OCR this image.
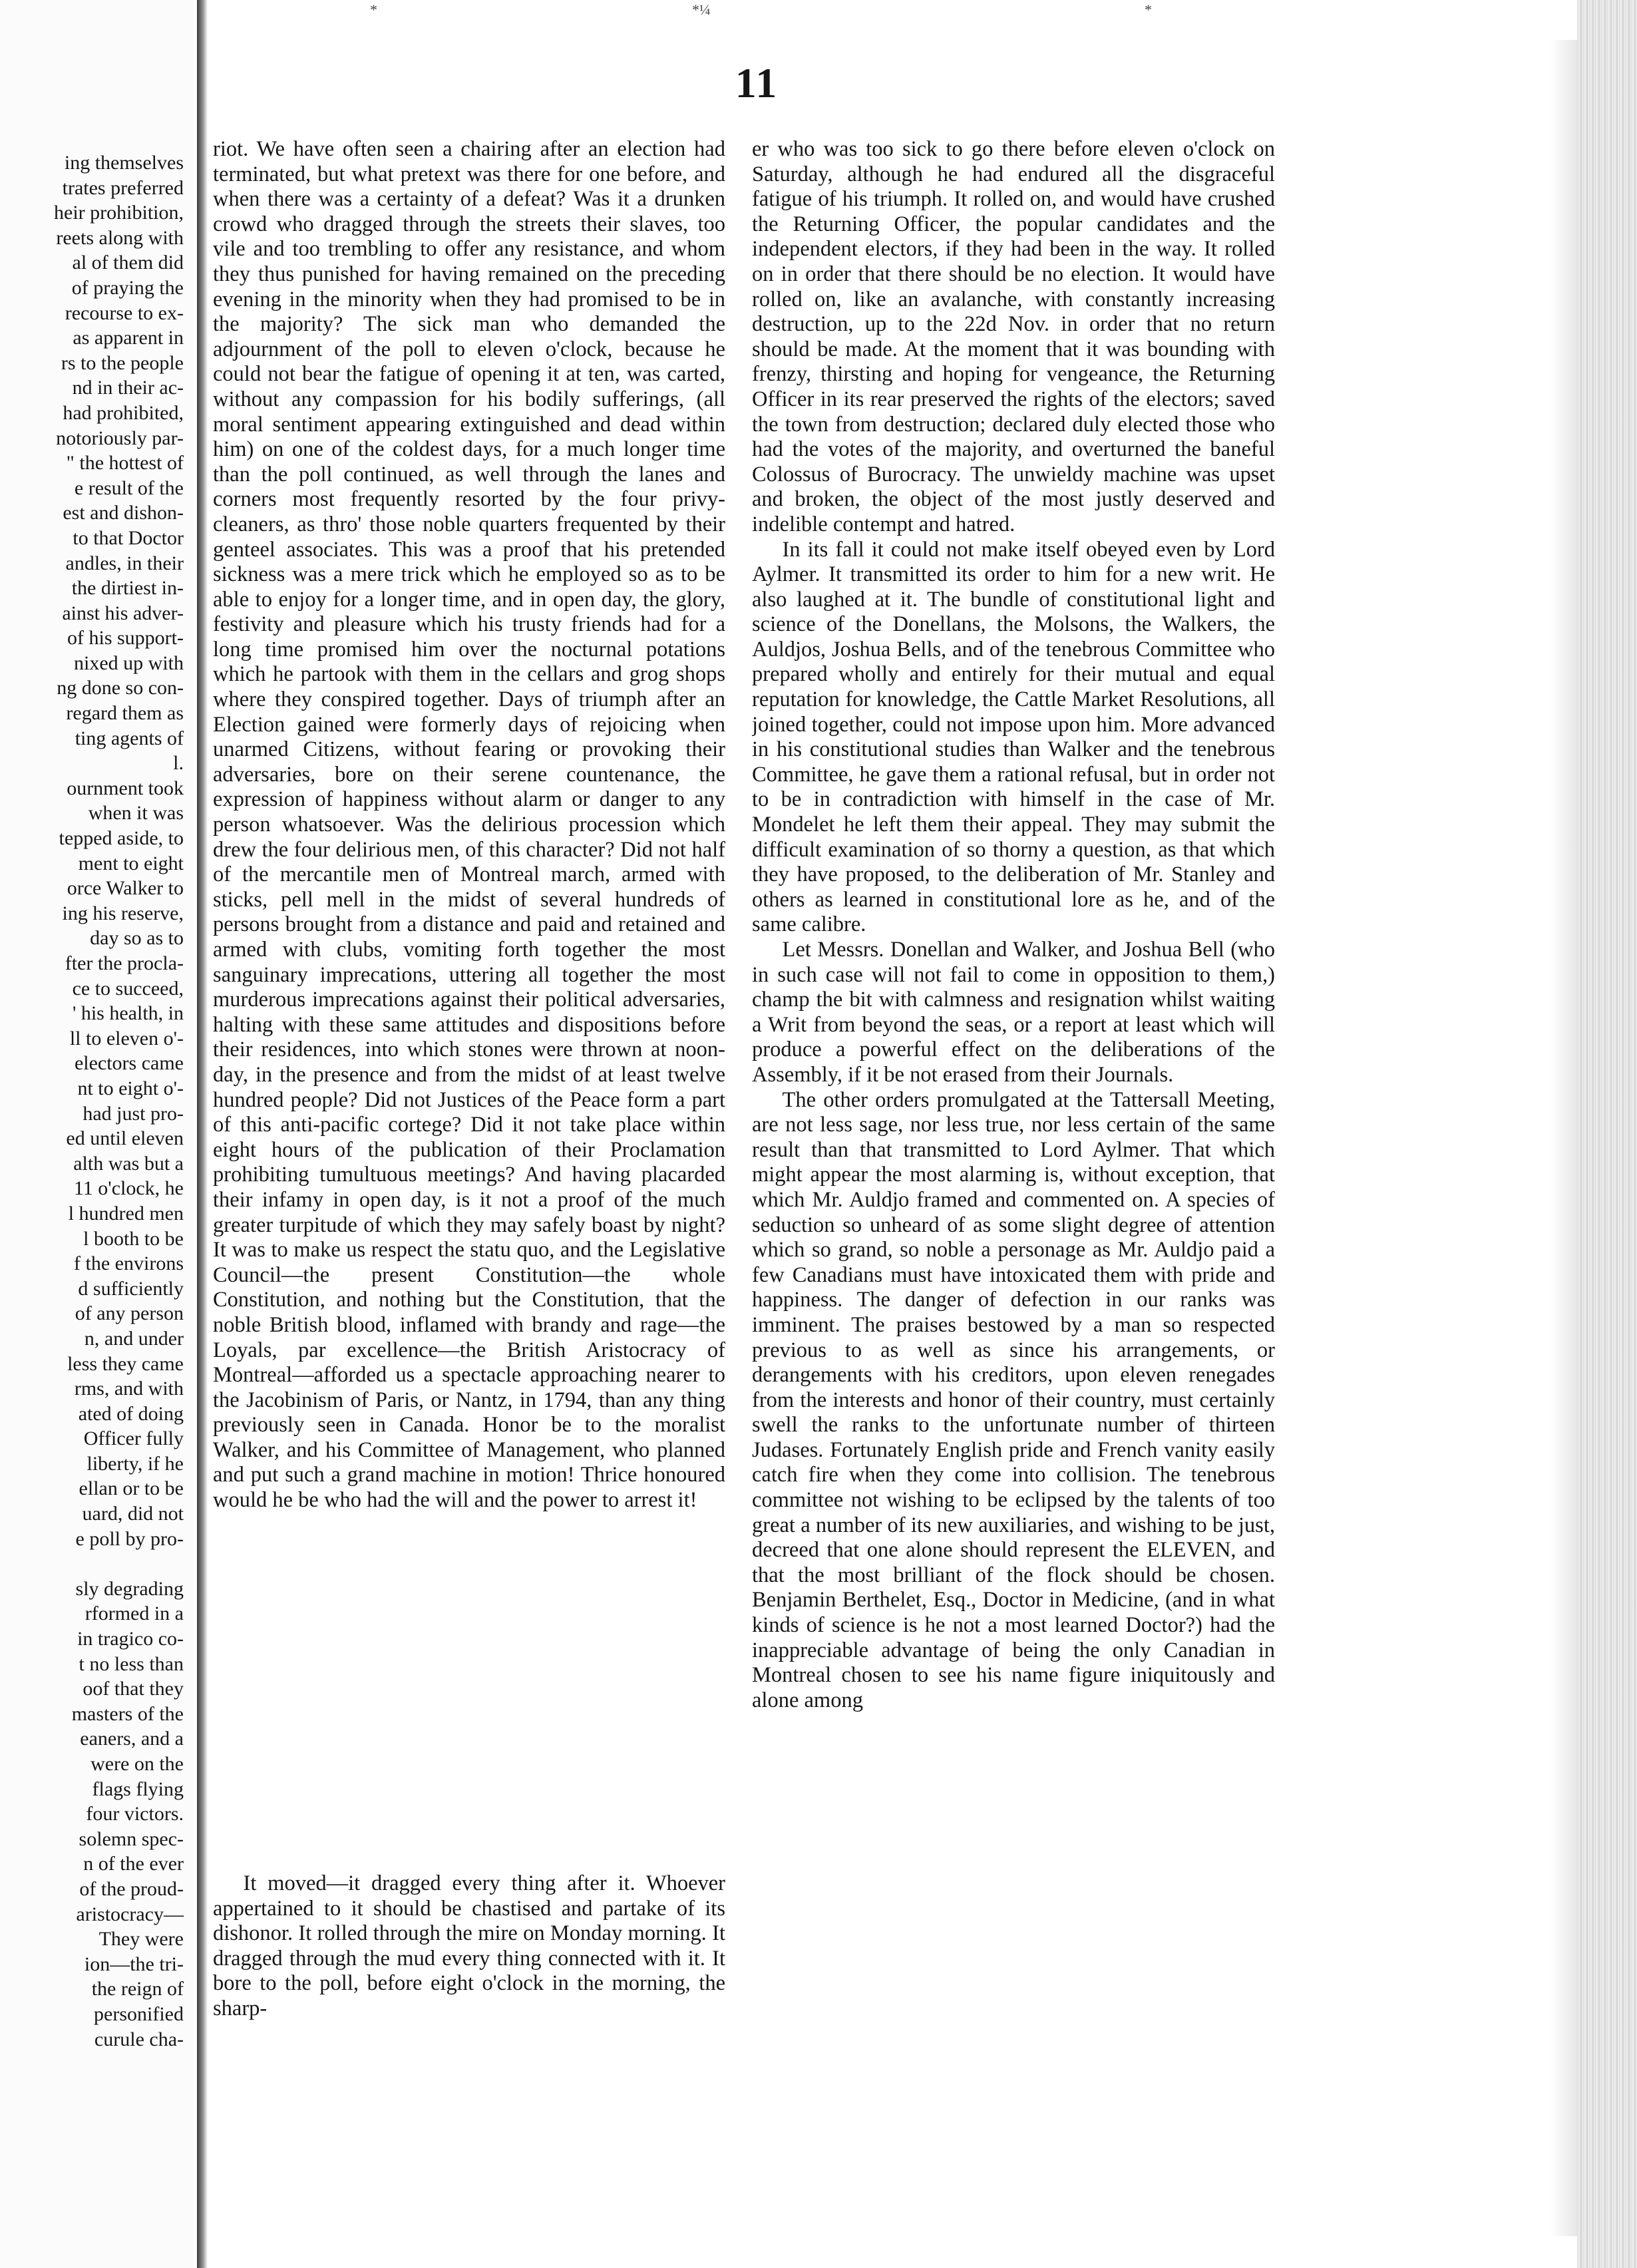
ing themselves
trates preferred
heir prohibition,
reets along with
al of them did
of praying the
recourse to ex-
as apparent in
rs to the people
nd in their ac-
had prohibited,
notoriously par-
" the hottest of
e result of the
est and dishon-
to that Doctor
andles, in their
the dirtiest in-
ainst his adver-
of his support-
nixed up with
ng done so con-
regard them as
ting agents of
l.
ournment took
when it was
tepped aside, to
ment to eight
orce Walker to
ing his reserve,
day so as to
fter the procla-
ce to succeed,
' his health, in
ll to eleven o'-
electors came
nt to eight o'-
had just pro-
ed until eleven
alth was but a
11 o'clock, he
l hundred men
l booth to be
f the environs
d sufficiently
of any person
n, and under
less they came
rms, and with
ated of doing
Officer fully
liberty, if he
ellan or to be
uard, did not
e poll by pro-
sly degrading
rformed in a
in tragico co-
t no less than
oof that they
masters of the
eaners, and a
were on the
flags flying
four victors.
solemn spec-
n of the ever
of the proud-
aristocracy—
They were
ion—the tri-
the reign of
personified
curule cha-
*	*¼	*
11

riot. We have often seen a chairing after an election had terminated, but what pretext was there for one before, and when there was a certainty of a defeat? Was it a drunken crowd who dragged through the streets their slaves, too vile and too trembling to offer any resistance, and whom they thus punished for having remained on the preceding evening in the minority when they had promised to be in the majority? The sick man who demanded the adjournment of the poll to eleven o'clock, because he could not bear the fatigue of opening it at ten, was carted, without any compassion for his bodily sufferings, (all moral sentiment appearing extinguished and dead within him) on one of the coldest days, for a much longer time than the poll continued, as well through the lanes and corners most frequently resorted by the four privy-cleaners, as thro' those noble quarters frequented by their genteel associates. This was a proof that his pretended sickness was a mere trick which he employed so as to be able to enjoy for a longer time, and in open day, the glory, festivity and pleasure which his trusty friends had for a long time promised him over the nocturnal potations which he partook with them in the cellars and grog shops where they conspired together. Days of triumph after an Election gained were formerly days of rejoicing when unarmed Citizens, without fearing or provoking their adversaries, bore on their serene countenance, the expression of happiness without alarm or danger to any person whatsoever. Was the delirious procession which drew the four delirious men, of this character? Did not half of the mercantile men of Montreal march, armed with sticks, pell mell in the midst of several hundreds of persons brought from a distance and paid and retained and armed with clubs, vomiting forth together the most sanguinary imprecations, uttering all together the most murderous imprecations against their political adversaries, halting with these same attitudes and dispositions before their residences, into which stones were thrown at noon-day, in the presence and from the midst of at least twelve hundred people? Did not Justices of the Peace form a part of this anti-pacific cortege? Did it not take place within eight hours of the publication of their Proclamation prohibiting tumultuous meetings? And having placarded their infamy in open day, is it not a proof of the much greater turpitude of which they may safely boast by night? It was to make us respect the statu quo, and the Legislative Council—the present Constitution—the whole Constitution, and nothing but the Constitution, that the noble British blood, inflamed with brandy and rage—the Loyals, par excellence—the British Aristocracy of Montreal—afforded us a spectacle approaching nearer to the Jacobinism of Paris, or Nantz, in 1794, than any thing previously seen in Canada. Honor be to the moralist Walker, and his Committee of Management, who planned and put such a grand machine in motion! Thrice honoured would he be who had the will and the power to arrest it!

It moved—it dragged every thing after it. Whoever appertained to it should be chastised and partake of its dishonor. It rolled through the mire on Monday morning. It dragged through the mud every thing connected with it. It bore to the poll, before eight o'clock in the morning, the sharp-

er who was too sick to go there before eleven o'clock on Saturday, although he had endured all the disgraceful fatigue of his triumph. It rolled on, and would have crushed the Returning Officer, the popular candidates and the independent electors, if they had been in the way. It rolled on in order that there should be no election. It would have rolled on, like an avalanche, with constantly increasing destruction, up to the 22d Nov. in order that no return should be made. At the moment that it was bounding with frenzy, thirsting and hoping for vengeance, the Returning Officer in its rear preserved the rights of the electors; saved the town from destruction; declared duly elected those who had the votes of the majority, and overturned the baneful Colossus of Burocracy. The unwieldy machine was upset and broken, the object of the most justly deserved and indelible contempt and hatred.

In its fall it could not make itself obeyed even by Lord Aylmer. It transmitted its order to him for a new writ. He also laughed at it. The bundle of constitutional light and science of the Donellans, the Molsons, the Walkers, the Auldjos, Joshua Bells, and of the tenebrous Committee who prepared wholly and entirely for their mutual and equal reputation for knowledge, the Cattle Market Resolutions, all joined together, could not impose upon him. More advanced in his constitutional studies than Walker and the tenebrous Committee, he gave them a rational refusal, but in order not to be in contradiction with himself in the case of Mr. Mondelet he left them their appeal. They may submit the difficult examination of so thorny a question, as that which they have proposed, to the deliberation of Mr. Stanley and others as learned in constitutional lore as he, and of the same calibre.

Let Messrs. Donellan and Walker, and Joshua Bell (who in such case will not fail to come in opposition to them,) champ the bit with calmness and resignation whilst waiting a Writ from beyond the seas, or a report at least which will produce a powerful effect on the deliberations of the Assembly, if it be not erased from their Journals.

The other orders promulgated at the Tattersall Meeting, are not less sage, nor less true, nor less certain of the same result than that transmitted to Lord Aylmer. That which might appear the most alarming is, without exception, that which Mr. Auldjo framed and commented on. A species of seduction so unheard of as some slight degree of attention which so grand, so noble a personage as Mr. Auldjo paid a few Canadians must have intoxicated them with pride and happiness. The danger of defection in our ranks was imminent. The praises bestowed by a man so respected previous to as well as since his arrangements, or derangements with his creditors, upon eleven renegades from the interests and honor of their country, must certainly swell the ranks to the unfortunate number of thirteen Judases. Fortunately English pride and French vanity easily catch fire when they come into collision. The tenebrous committee not wishing to be eclipsed by the talents of too great a number of its new auxiliaries, and wishing to be just, decreed that one alone should represent the ELEVEN, and that the most brilliant of the flock should be chosen. Benjamin Berthelet, Esq., Doctor in Medicine, (and in what kinds of science is he not a most learned Doctor?) had the inappreciable advantage of being the only Canadian in Montreal chosen to see his name figure iniquitously and alone among
